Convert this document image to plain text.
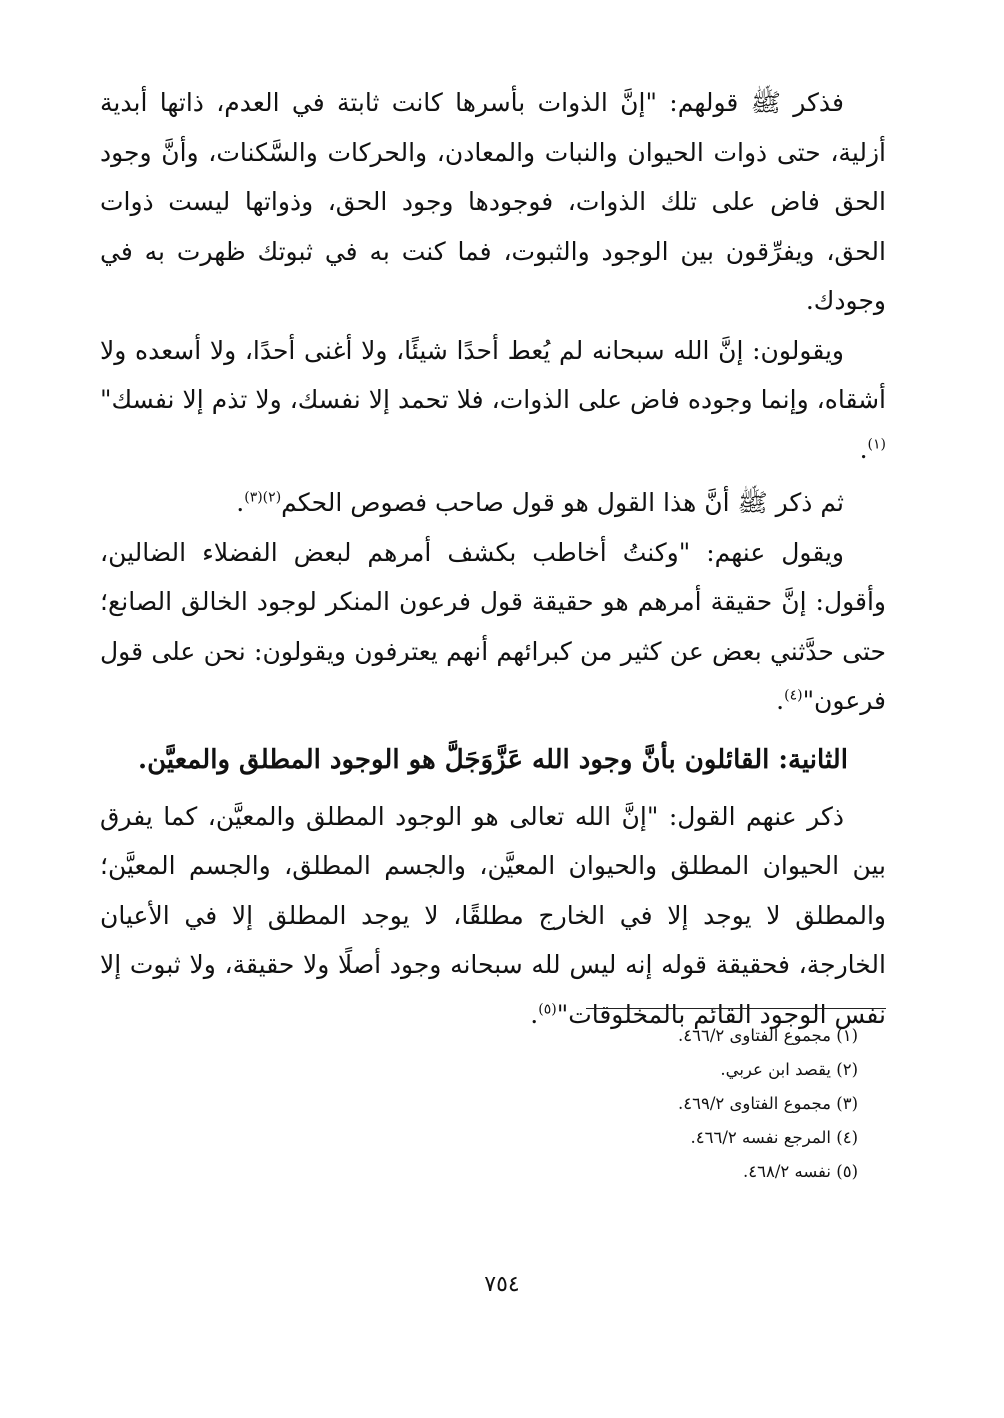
فذكر ﷺ قولهم: "إنَّ الذوات بأسرها كانت ثابتة في العدم، ذاتها أبدية أزلية، حتى ذوات الحيوان والنبات والمعادن، والحركات والسَّكنات، وأنَّ وجود الحق فاض على تلك الذوات، فوجودها وجود الحق، وذواتها ليست ذوات الحق، ويفرِّقون بين الوجود والثبوت، فما كنت به في ثبوتك ظهرت به في وجودك.

ويقولون: إنَّ الله سبحانه لم يُعط أحدًا شيئًا، ولا أغنى أحدًا، ولا أسعده ولا أشقاه، وإنما وجوده فاض على الذوات، فلا تحمد إلا نفسك، ولا تذم إلا نفسك"$^{(١)}$.

ثم ذكر ﷺ أنَّ هذا القول هو قول صاحب فصوص الحكم$^{(٢)(٣)}$.

ويقول عنهم: "وكنتُ أخاطب بكشف أمرهم لبعض الفضلاء الضالين، وأقول: إنَّ حقيقة أمرهم هو حقيقة قول فرعون المنكر لوجود الخالق الصانع؛ حتى حدَّثني بعض عن كثير من كبرائهم أنهم يعترفون ويقولون: نحن على قول فرعون"$^{(٤)}$.

الثانية: القائلون بأنَّ وجود الله عَزَّوَجَلَّ هو الوجود المطلق والمعيَّن.

ذكر عنهم القول: "إنَّ الله تعالى هو الوجود المطلق والمعيَّن، كما يفرق بين الحيوان المطلق والحيوان المعيَّن، والجسم المطلق، والجسم المعيَّن؛ والمطلق لا يوجد إلا في الخارج مطلقًا، لا يوجد المطلق إلا في الأعيان الخارجة، فحقيقة قوله إنه ليس لله سبحانه وجود أصلًا ولا حقيقة، ولا ثبوت إلا نفس الوجود القائم بالمخلوقات"$^{(٥)}$.

(١) مجموع الفتاوى ٤٦٦/٢.

(٢) يقصد ابن عربي.

(٣) مجموع الفتاوى ٤٦٩/٢.

(٤) المرجع نفسه ٤٦٦/٢.

(٥) نفسه ٤٦٨/٢.

٧٥٤
